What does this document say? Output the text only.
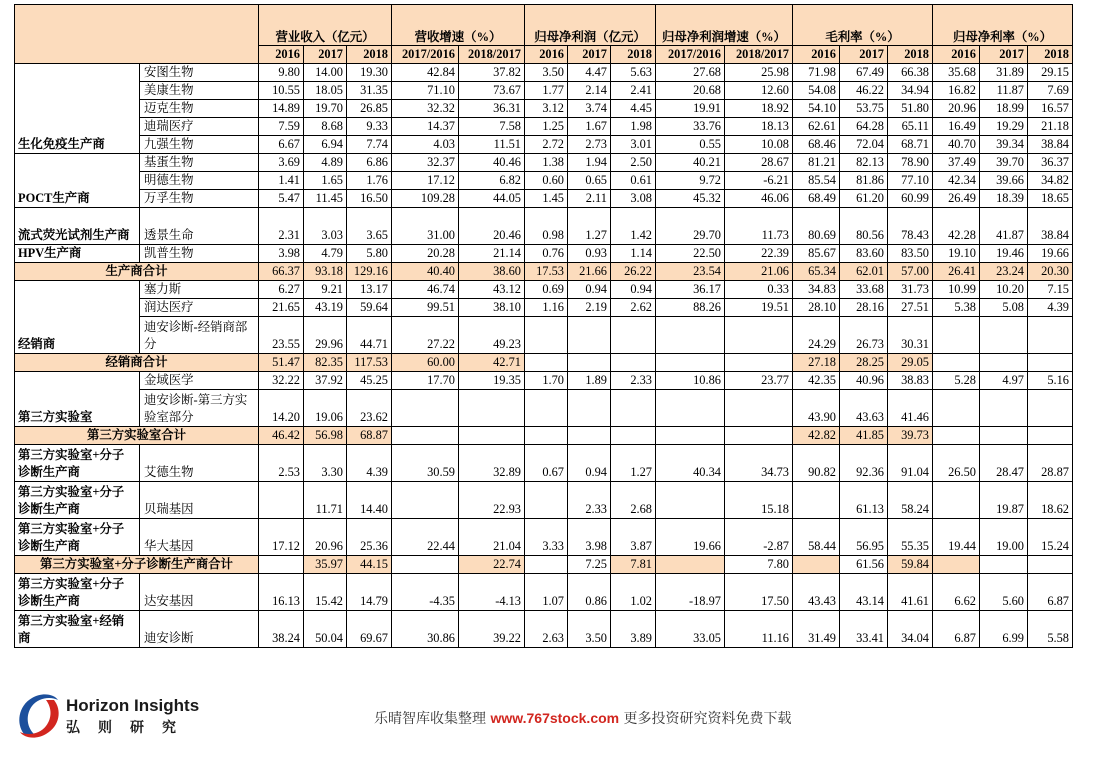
		营业收入（亿元）			营收增速（%）		归母净利润（亿元）			归母净利润增速（%）		毛利率（%）			归母净利率（%）		
		2016	2017	2018	2017/2016	2018/2017	2016	2017	2018	2017/2016	2018/2017	2016	2017	2018	2016	2017	2018
生化免疫生产商	安图生物	9.80	14.00	19.30	42.84	37.82	3.50	4.47	5.63	27.68	25.98	71.98	67.49	66.38	35.68	31.89	29.15
	美康生物	10.55	18.05	31.35	71.10	73.67	1.77	2.14	2.41	20.68	12.60	54.08	46.22	34.94	16.82	11.87	7.69
	迈克生物	14.89	19.70	26.85	32.32	36.31	3.12	3.74	4.45	19.91	18.92	54.10	53.75	51.80	20.96	18.99	16.57
	迪瑞医疗	7.59	8.68	9.33	14.37	7.58	1.25	1.67	1.98	33.76	18.13	62.61	64.28	65.11	16.49	19.29	21.18
	九强生物	6.67	6.94	7.74	4.03	11.51	2.72	2.73	3.01	0.55	10.08	68.46	72.04	68.71	40.70	39.34	38.84
POCT生产商	基蛋生物	3.69	4.89	6.86	32.37	40.46	1.38	1.94	2.50	40.21	28.67	81.21	82.13	78.90	37.49	39.70	36.37
	明德生物	1.41	1.65	1.76	17.12	6.82	0.60	0.65	0.61	9.72	-6.21	85.54	81.86	77.10	42.34	39.66	34.82
	万孚生物	5.47	11.45	16.50	109.28	44.05	1.45	2.11	3.08	45.32	46.06	68.49	61.20	60.99	26.49	18.39	18.65
流式荧光试剂生产商	透景生命	2.31	3.03	3.65	31.00	20.46	0.98	1.27	1.42	29.70	11.73	80.69	80.56	78.43	42.28	41.87	38.84
HPV生产商	凯普生物	3.98	4.79	5.80	20.28	21.14	0.76	0.93	1.14	22.50	22.39	85.67	83.60	83.50	19.10	19.46	19.66
生产商合计		66.37	93.18	129.16	40.40	38.60	17.53	21.66	26.22	23.54	21.06	65.34	62.01	57.00	26.41	23.24	20.30
经销商	塞力斯	6.27	9.21	13.17	46.74	43.12	0.69	0.94	0.94	36.17	0.33	34.83	33.68	31.73	10.99	10.20	7.15
	润达医疗	21.65	43.19	59.64	99.51	38.10	1.16	2.19	2.62	88.26	19.51	28.10	28.16	27.51	5.38	5.08	4.39
	迪安诊断-经销商部分	23.55	29.96	44.71	27.22	49.23						24.29	26.73	30.31			
经销商合计		51.47	82.35	117.53	60.00	42.71						27.18	28.25	29.05			
第三方实验室	金域医学	32.22	37.92	45.25	17.70	19.35	1.70	1.89	2.33	10.86	23.77	42.35	40.96	38.83	5.28	4.97	5.16
	迪安诊断-第三方实验室部分	14.20	19.06	23.62								43.90	43.63	41.46			
第三方实验室合计		46.42	56.98	68.87								42.82	41.85	39.73			
第三方实验室+分子诊断生产商	艾德生物	2.53	3.30	4.39	30.59	32.89	0.67	0.94	1.27	40.34	34.73	90.82	92.36	91.04	26.50	28.47	28.87
第三方实验室+分子诊断生产商	贝瑞基因		11.71	14.40		22.93		2.33	2.68		15.18		61.13	58.24		19.87	18.62
第三方实验室+分子诊断生产商	华大基因	17.12	20.96	25.36	22.44	21.04	3.33	3.98	3.87	19.66	-2.87	58.44	56.95	55.35	19.44	19.00	15.24
第三方实验室+分子诊断生产商合计			35.97	44.15		22.74		7.25	7.81		7.80		61.56	59.84			
第三方实验室+分子诊断生产商	达安基因	16.13	15.42	14.79	-4.35	-4.13	1.07	0.86	1.02	-18.97	17.50	43.43	43.14	41.61	6.62	5.60	6.87
第三方实验室+经销商	迪安诊断	38.24	50.04	69.67	30.86	39.22	2.63	3.50	3.89	33.05	11.16	31.49	33.41	34.04	6.87	6.99	5.58
Horizon Insights
弘则研究
乐晴智库收集整理 www.767stock.com 更多投资研究资料免费下载
